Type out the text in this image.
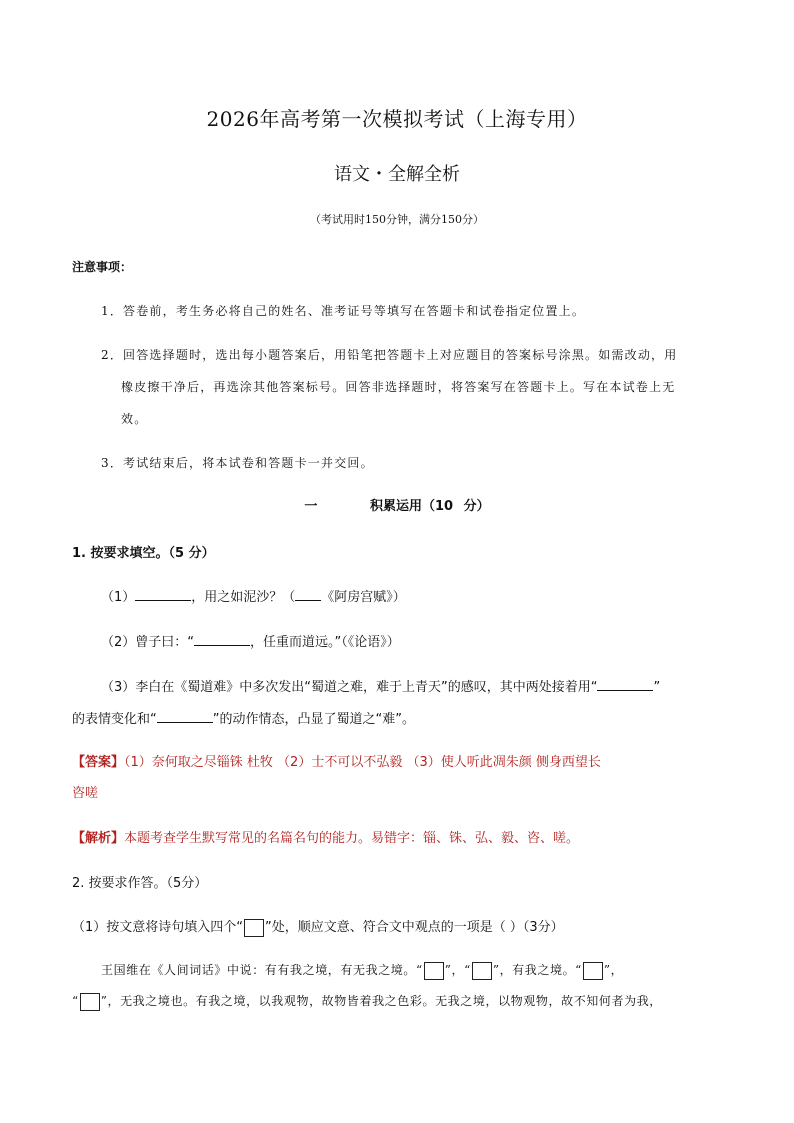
2026年高考第一次模拟考试（上海专用）
语文・全解全析
（考试用时150分钟，满分150分）
注意事项：
1．答卷前，考生务必将自己的姓名、准考证号等填写在答题卡和试卷指定位置上。
2．回答选择题时，选出每小题答案后，用铅笔把答题卡上对应题目的答案标号涂黑。如需改动，用
橡皮擦干净后，再选涂其他答案标号。回答非选择题时，将答案写在答题卡上。写在本试卷上无
效。
3．考试结束后，将本试卷和答题卡一并交回。
一	积累运用（10 分）
1. 按要求填空。（5 分）
（1）	，用之如泥沙？（ 《阿房宫赋》）
（2）曾子曰：“	，任重而道远。”（《论语》）
（3）李白在《蜀道难》中多次发出“蜀道之难，难于上青天”的感叹，其中两处接着用“	”
的表情变化和“	”的动作情态，凸显了蜀道之“难”。
【答案】（1）奈何取之尽锱铢 杜牧 （2）士不可以不弘毅 （3）使人听此凋朱颜 侧身西望长
咨嗟
【解析】本题考查学生默写常见的名篇名句的能力。易错字：锱、铢、弘、毅、咨、嗟。
2. 按要求作答。（5分）
（1）按文意将诗句填入四个“ ”处，顺应文意、符合文中观点的一项是（ ）（3分）
王国维在《人间词话》中说：有有我之境，有无我之境。“ ”，“ ”，有我之境。“ ”，
“ ”，无我之境也。有我之境，以我观物，故物皆着我之色彩。无我之境，以物观物，故不知何者为我，
